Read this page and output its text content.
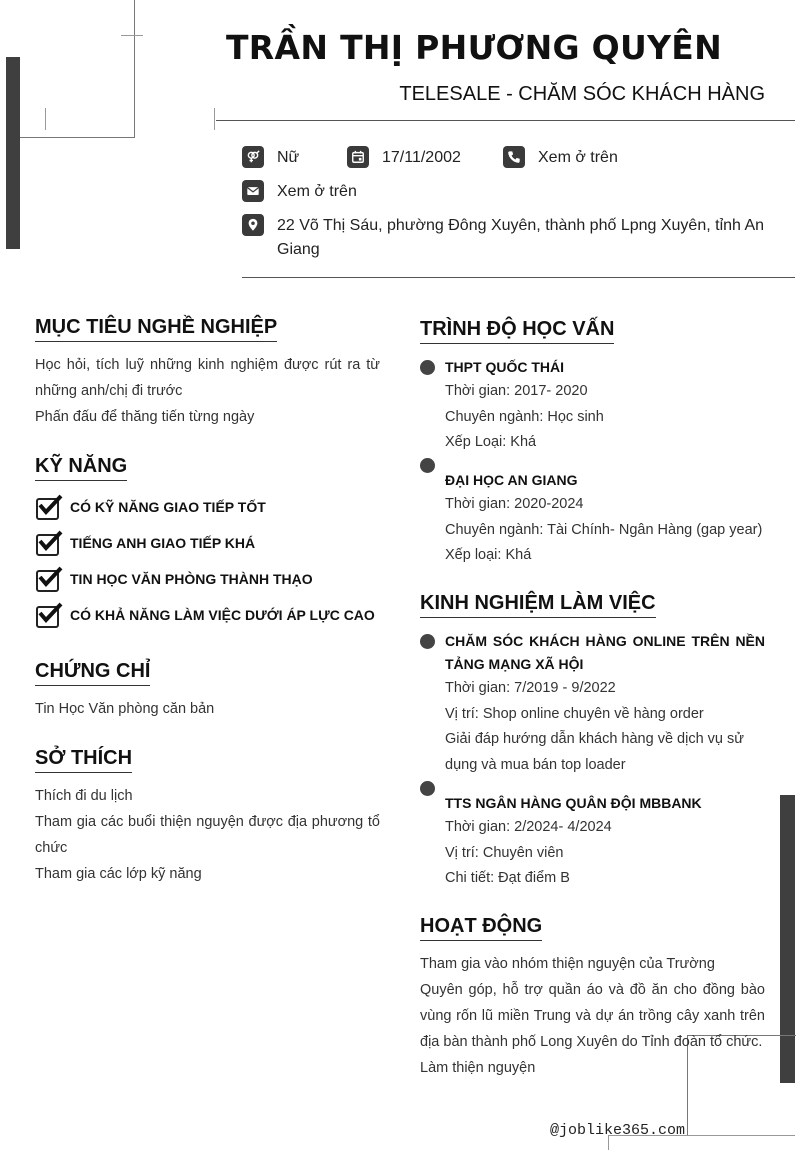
TRẦN THỊ PHƯƠNG QUYÊN
TELESALE - CHĂM SÓC KHÁCH HÀNG
Nữ	17/11/2002	Xem ở trên
Xem ở trên
22 Võ Thị Sáu, phường Đông Xuyên, thành phố Lpng Xuyên, tỉnh An Giang
MỤC TIÊU NGHỀ NGHIỆP
Học hỏi, tích luỹ những kinh nghiệm được rút ra từ những anh/chị đi trước
Phấn đấu để thăng tiến từng ngày
KỸ NĂNG
CÓ KỸ NĂNG GIAO TIẾP TỐT
TIẾNG ANH GIAO TIẾP KHÁ
TIN HỌC VĂN PHÒNG THÀNH THẠO
CÓ KHẢ NĂNG LÀM VIỆC DƯỚI ÁP LỰC CAO
CHỨNG CHỈ
Tin Học Văn phòng căn bản
SỞ THÍCH
Thích đi du lịch
Tham gia các buổi thiện nguyện được địa phương tổ chức
Tham gia các lớp kỹ năng
TRÌNH ĐỘ HỌC VẤN
THPT QUỐC THÁI
Thời gian: 2017- 2020
Chuyên ngành: Học sinh
Xếp Loại: Khá
ĐẠI HỌC AN GIANG
Thời gian: 2020-2024
Chuyên ngành: Tài Chính- Ngân Hàng (gap year)
Xếp loại: Khá
KINH NGHIỆM LÀM VIỆC
CHĂM SÓC KHÁCH HÀNG ONLINE TRÊN NỀN TẢNG MẠNG XÃ HỘI
Thời gian: 7/2019 - 9/2022
Vị trí: Shop online chuyên về hàng order
Giải đáp hướng dẫn khách hàng về dịch vụ sử dụng và mua bán top loader
TTS NGÂN HÀNG QUÂN ĐỘI MBBANK
Thời gian: 2/2024- 4/2024
Vị trí: Chuyên viên
Chi tiết: Đạt điểm B
HOẠT ĐỘNG
Tham gia vào nhóm thiện nguyện của Trường
Quyên góp, hỗ trợ quần áo và đồ ăn cho đồng bào vùng rốn lũ miền Trung và dự án trồng cây xanh trên địa bàn thành phố Long Xuyên do Tỉnh đoàn tổ chức.
Làm thiện nguyện
@joblike365.com
